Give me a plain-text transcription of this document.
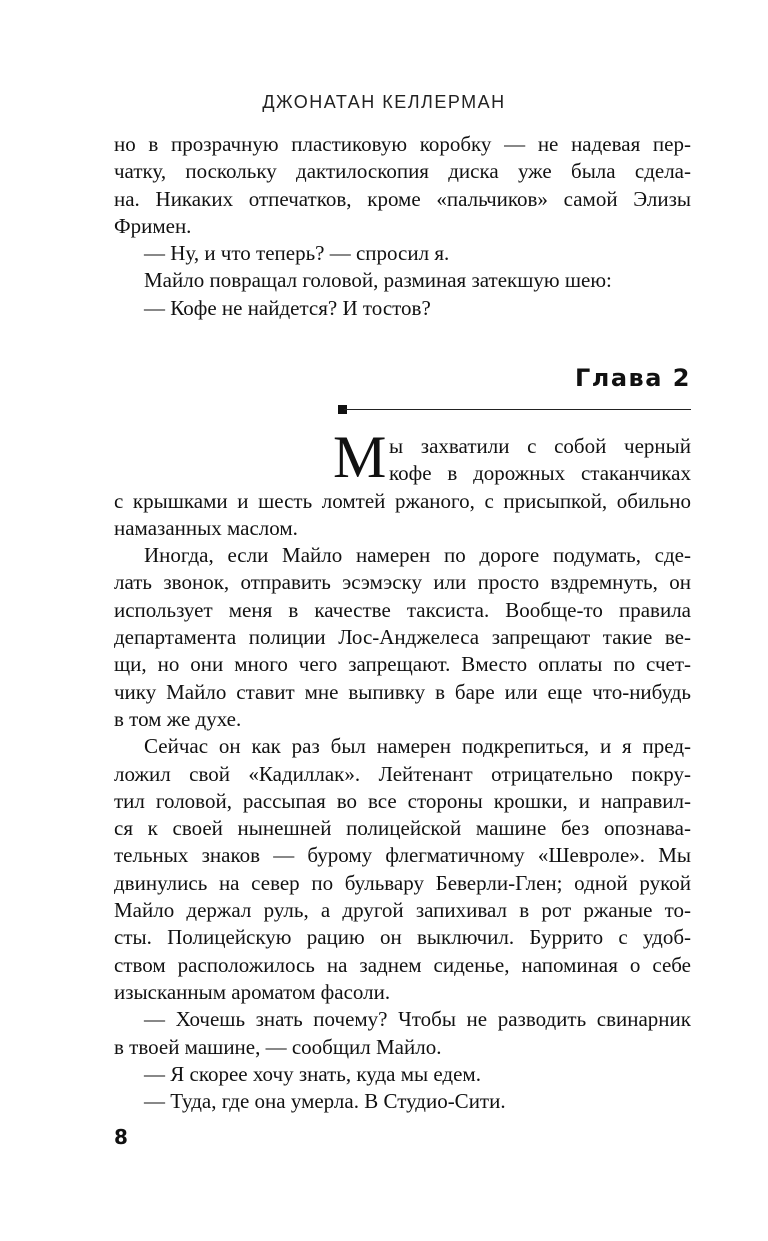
ДЖОНАТАН КЕЛЛЕРМАН

но в прозрачную пластиковую коробку — не надевая пер-
чатку, поскольку дактилоскопия диска уже была сдела-
на. Никаких отпечатков, кроме «пальчиков» самой Элизы
Фримен.

— Ну, и что теперь? — спросил я.

Майло повращал головой, разминая затекшую шею:

— Кофе не найдется? И тостов?

Глава 2
М ы захватили с собой черный
кофе в дорожных стаканчиках

с крышками и шесть ломтей ржаного, с присыпкой, обильно
намазанных маслом.

Иногда, если Майло намерен по дороге подумать, сде-
лать звонок, отправить эсэмэску или просто вздремнуть, он
использует меня в качестве таксиста. Вообще-то правила
департамента полиции Лос-Анджелеса запрещают такие ве-
щи, но они много чего запрещают. Вместо оплаты по счет-
чику Майло ставит мне выпивку в баре или еще что-нибудь
в том же духе.

Сейчас он как раз был намерен подкрепиться, и я пред-
ложил свой «Кадиллак». Лейтенант отрицательно покру-
тил головой, рассыпая во все стороны крошки, и направил-
ся к своей нынешней полицейской машине без опознава-
тельных знаков — бурому флегматичному «Шевроле». Мы
двинулись на север по бульвару Беверли-Глен; одной рукой
Майло держал руль, а другой запихивал в рот ржаные то-
сты. Полицейскую рацию он выключил. Буррито с удоб-
ством расположилось на заднем сиденье, напоминая о себе
изысканным ароматом фасоли.

— Хочешь знать почему? Чтобы не разводить свинарник
в твоей машине, — сообщил Майло.

— Я скорее хочу знать, куда мы едем.

— Туда, где она умерла. В Студио-Сити.

8
